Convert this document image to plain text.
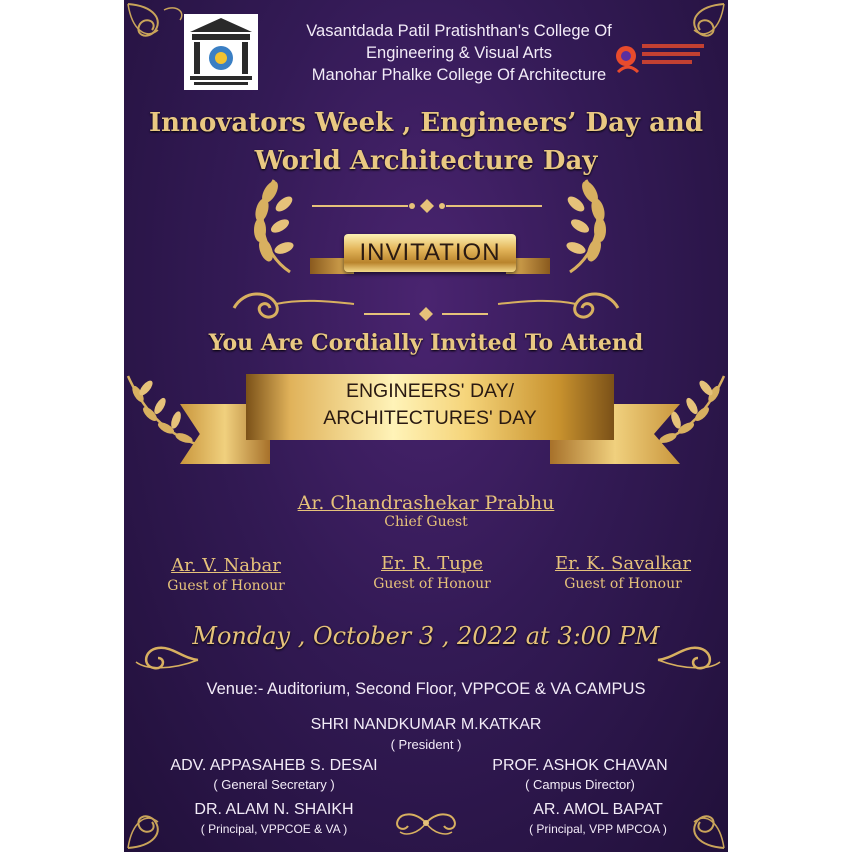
Vasantdada Patil Pratishthan's College Of
Engineering & Visual Arts
Manohar Phalke College Of Architecture
Innovators Week , Engineers’ Day and
World Architecture Day
INVITATION
You Are Cordially Invited To Attend
ENGINEERS' DAY/
ARCHITECTURES' DAY
Ar. Chandrashekar Prabhu
Chief Guest
Ar. V. Nabar
Guest of Honour
Er. R. Tupe
Guest of Honour
Er. K. Savalkar
Guest of Honour
Monday , October 3 , 2022 at 3:00 PM
Venue:- Auditorium, Second Floor, VPPCOE & VA CAMPUS
SHRI NANDKUMAR M.KATKAR
( President )
ADV. APPASAHEB S. DESAI
( General Secretary )
PROF. ASHOK CHAVAN
( Campus Director)
DR. ALAM N. SHAIKH
( Principal, VPPCOE & VA )
AR. AMOL BAPAT
( Principal, VPP MPCOA )
